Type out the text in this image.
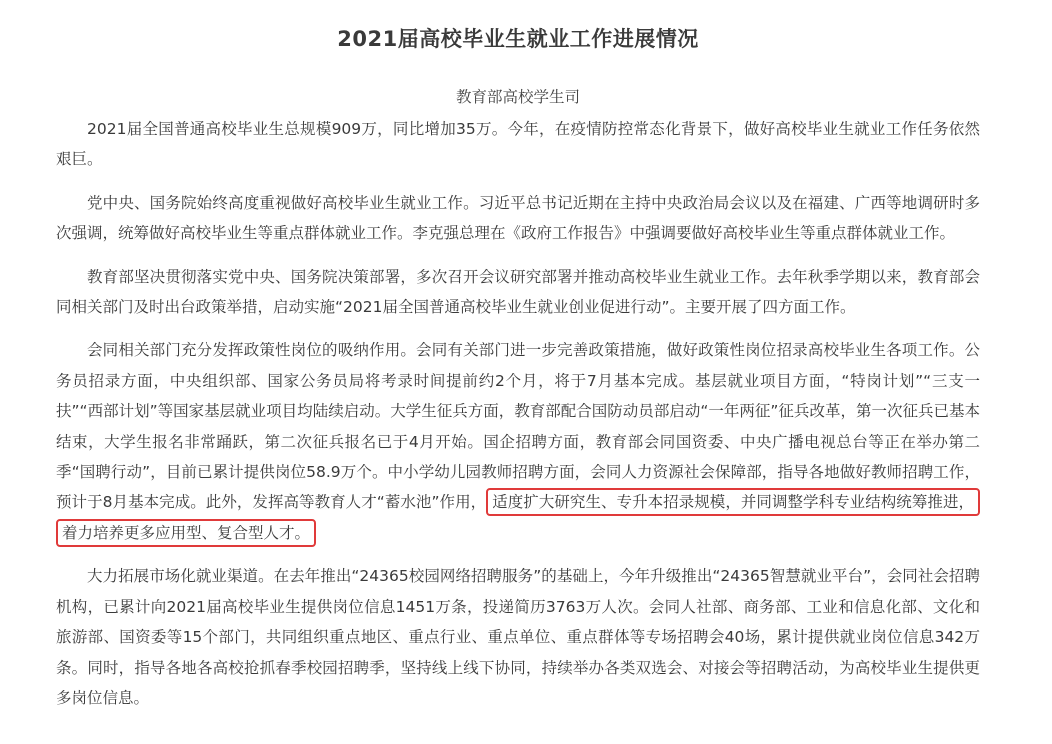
2021届高校毕业生就业工作进展情况
教育部高校学生司

2021届全国普通高校毕业生总规模909万，同比增加35万。今年，在疫情防控常态化背景下，做好高校毕业生就业工作任务依然艰巨。

党中央、国务院始终高度重视做好高校毕业生就业工作。习近平总书记近期在主持中央政治局会议以及在福建、广西等地调研时多次强调，统筹做好高校毕业生等重点群体就业工作。李克强总理在《政府工作报告》中强调要做好高校毕业生等重点群体就业工作。

教育部坚决贯彻落实党中央、国务院决策部署，多次召开会议研究部署并推动高校毕业生就业工作。去年秋季学期以来，教育部会同相关部门及时出台政策举措，启动实施“2021届全国普通高校毕业生就业创业促进行动”。主要开展了四方面工作。

会同相关部门充分发挥政策性岗位的吸纳作用。会同有关部门进一步完善政策措施，做好政策性岗位招录高校毕业生各项工作。公务员招录方面，中央组织部、国家公务员局将考录时间提前约2个月，将于7月基本完成。基层就业项目方面，“特岗计划”“三支一扶”“西部计划”等国家基层就业项目均陆续启动。大学生征兵方面，教育部配合国防动员部启动“一年两征”征兵改革，第一次征兵已基本结束，大学生报名非常踊跃，第二次征兵报名已于4月开始。国企招聘方面，教育部会同国资委、中央广播电视总台等正在举办第二季“国聘行动”，目前已累计提供岗位58.9万个。中小学幼儿园教师招聘方面，会同人力资源社会保障部，指导各地做好教师招聘工作，预计于8月基本完成。此外，发挥高等教育人才“蓄水池”作用， 适度扩大研究生、专升本招录规模，并同调整学科专业结构统筹推进，着力培养更多应用型、复合型人才。

大力拓展市场化就业渠道。在去年推出“24365校园网络招聘服务”的基础上，今年升级推出“24365智慧就业平台”，会同社会招聘机构，已累计向2021届高校毕业生提供岗位信息1451万条，投递简历3763万人次。会同人社部、商务部、工业和信息化部、文化和旅游部、国资委等15个部门，共同组织重点地区、重点行业、重点单位、重点群体等专场招聘会40场，累计提供就业岗位信息342万条。同时，指导各地各高校抢抓春季校园招聘季，坚持线上线下协同，持续举办各类双选会、对接会等招聘活动，为高校毕业生提供更多岗位信息。
